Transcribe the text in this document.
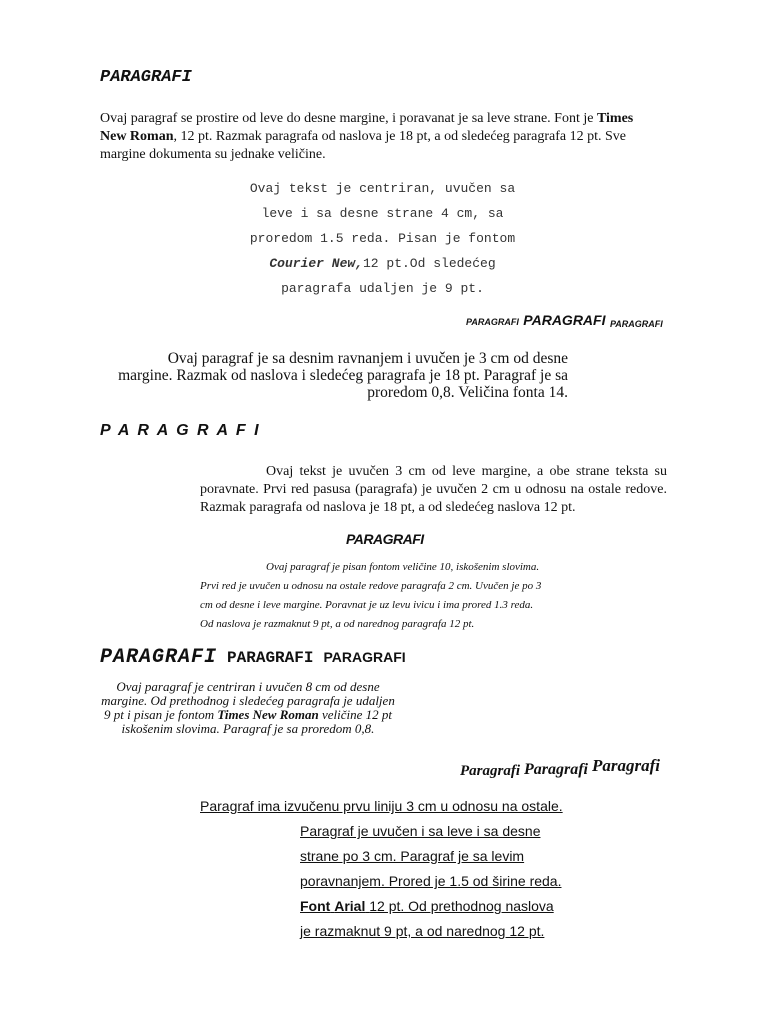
PARAGRAFI

Ovaj paragraf se prostire od leve do desne margine, i poravanat je sa leve strane. Font je Times New Roman, 12 pt. Razmak paragrafa od naslova je 18 pt, a od sledećeg paragrafa 12 pt. Sve margine dokumenta su jednake veličine.

Ovaj tekst je centriran, uvučen sa
leve i sa desne strane 4 cm, sa
proredom 1.5 reda. Pisan je fontom
Courier New,12 pt.Od sledećeg
paragrafa udaljen je 9 pt.
PARAGRAFI PARAGRAFI PARAGRAFI

Ovaj paragraf je sa desnim ravnanjem i uvučen je 3 cm od desne margine. Razmak od naslova i sledećeg paragrafa je 18 pt. Paragraf je sa proredom 0,8. Veličina fonta 14.

P A R A G R A F I

Ovaj tekst je uvučen 3 cm od leve margine, a obe strane teksta su poravnate. Prvi red pasusa (paragrafa) je uvučen 2 cm u odnosu na ostale redove. Razmak paragrafa od naslova je 18 pt, a od sledećeg naslova 12 pt.

PARAGRAFI
Ovaj paragraf je pisan fontom veličine 10, iskošenim slovima.
Prvi red je uvučen u odnosu na ostale redove paragrafa 2 cm. Uvučen je po 3
cm od desne i leve margine. Poravnat je uz levu ivicu i ima prored 1.3 reda.
Od naslova je razmaknut 9 pt, a od narednog paragrafa 12 pt.
PARAGRAFI PARAGRAFI PARAGRAFI

Ovaj paragraf je centriran i uvučen 8 cm od desne margine. Od prethodnog i sledećeg paragrafa je udaljen 9 pt i pisan je fontom Times New Roman veličine 12 pt iskošenim slovima. Paragraf je sa proredom 0,8.

Paragrafi Paragrafi Paragrafi
Paragraf ima izvučenu prvu liniju 3 cm u odnosu na ostale.
Paragraf je uvučen i sa leve i sa desne
strane po 3 cm. Paragraf je sa levim
poravnanjem. Prored je 1.5 od širine reda.
Font Arial 12 pt. Od prethodnog naslova
je razmaknut 9 pt, a od narednog 12 pt.
